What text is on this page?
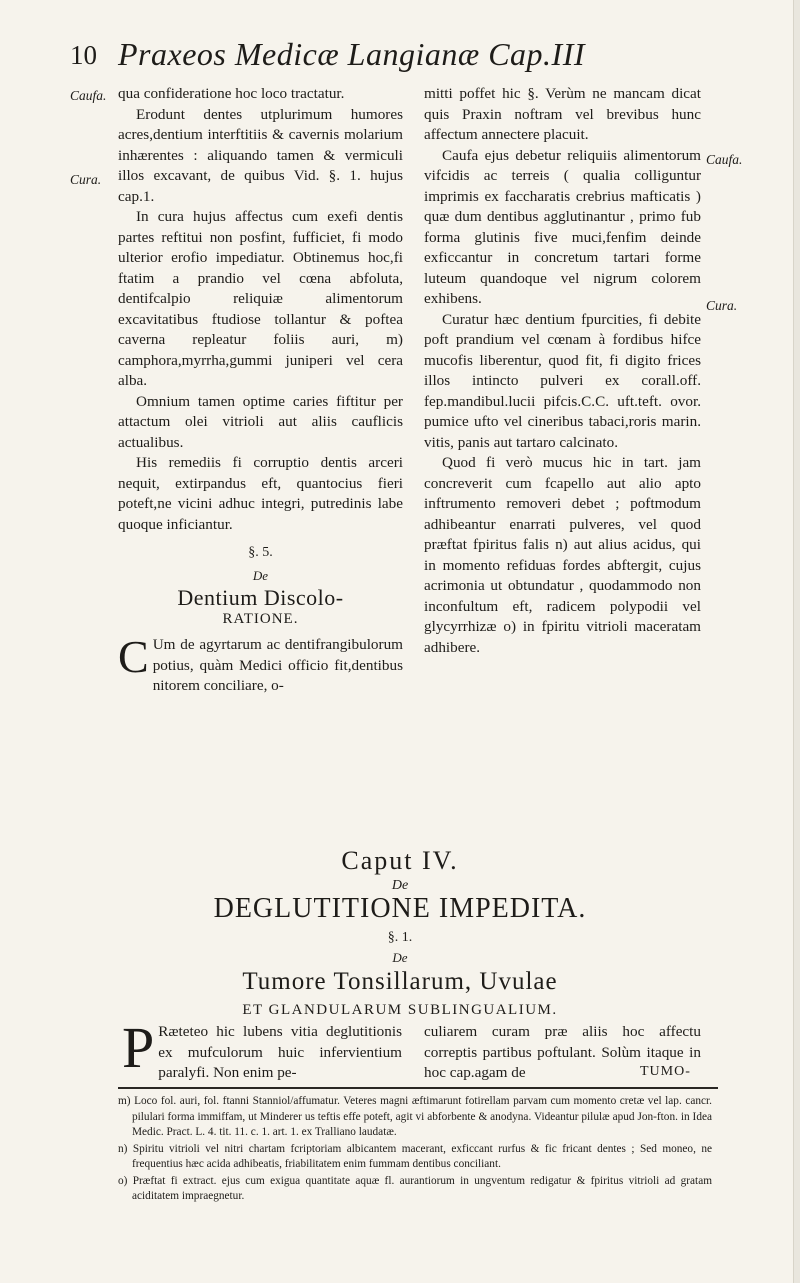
10 Praxeos Medicæ Langianæ Cap.III
Caufa.
Cura.
Caufa.
Cura.

qua confideratione hoc loco tractatur.

Erodunt dentes utplurimum humores acres,dentium interftitiis & cavernis molarium inhærentes : aliquando tamen & vermiculi illos excavant, de quibus Vid. §. 1. hujus cap.1.

In cura hujus affectus cum exefi dentis partes reftitui non posfint, fufficiet, fi modo ulterior erofio impediatur. Obtinemus hoc,fi ftatim a prandio vel cœna abfoluta, dentifcalpio reliquiæ alimentorum excavitatibus ftudiose tollantur & poftea caverna repleatur foliis auri, m) camphora,myrrha,gummi juniperi vel cera alba.

Omnium tamen optime caries fiftitur per attactum olei vitrioli aut aliis cauflicis actualibus.

His remediis fi corruptio dentis arceri nequit, extirpandus eft, quantocius fieri poteft,ne vicini adhuc integri, putredinis labe quoque inficiantur.

§. 5.
De
Dentium Discolo-
RATIONE.

C Um de agyrtarum ac dentifrangibulorum potius, quàm Medici officio fit,dentibus nitorem conciliare, o-

mitti poffet hic §. Verùm ne mancam dicat quis Praxin noftram vel brevibus hunc affectum annectere placuit.

Caufa ejus debetur reliquiis alimentorum vifcidis ac terreis ( qualia colliguntur imprimis ex faccharatis crebrius mafticatis ) quæ dum dentibus agglutinantur , primo fub forma glutinis five muci,fenfim deinde exficcantur in concretum tartari forme luteum quandoque vel nigrum colorem exhibens.

Curatur hæc dentium fpurcities, fi debite poft prandium vel cœnam à fordibus hifce mucofis liberentur, quod fit, fi digito frices illos intincto pulveri ex corall.off. fep.mandibul.lucii pifcis.C.C. uft.teft. ovor. pumice ufto vel cineribus tabaci,roris marin. vitis, panis aut tartaro calcinato.

Quod fi verò mucus hic in tart. jam concreverit cum fcapello aut alio apto inftrumento removeri debet ; poftmodum adhibeantur enarrati pulveres, vel quod præftat fpiritus falis n) aut alius acidus, qui in momento refiduas fordes abftergit, cujus acrimonia ut obtundatur , quodammodo non inconfultum eft, radicem polypodii vel glycyrrhizæ o) in fpiritu vitrioli maceratam adhibere.

Caput IV.
De
DEGLUTITIONE IMPEDITA.
§. 1.
De
Tumore Tonsillarum, Uvulae
ET GLANDULARUM SUBLINGUALIUM.
P Ræteteo hic lubens vitia deglutitionis ex mufculorum huic infervientium paralyfi. Non enim pe-
culiarem curam præ aliis hoc affectu correptis partibus poftulant. Solùm itaque in hoc cap.agam de	TUMO-

m) Loco fol. auri, fol. ftanni Stanniol/affumatur. Veteres magni æftimarunt fotirellam parvam cum momento cretæ vel lap. cancr. pilulari forma immiffam, ut Minderer us teftis effe poteft, agit vi abforbente & anodyna. Videantur pilulæ apud Jon-fton. in Idea Medic. Pract. L. 4. tit. 11. c. 1. art. 1. ex Tralliano laudatæ.

n) Spiritu vitrioli vel nitri chartam fcriptoriam albicantem macerant, exficcant rurfus & fic fricant dentes ; Sed moneo, ne frequentius hæc acida adhibeatis, friabilitatem enim fummam dentibus conciliant.

o) Præftat fi extract. ejus cum exigua quantitate aquæ fl. aurantiorum in ungventum redigatur & fpiritus vitrioli ad gratam aciditatem impraegnetur.
